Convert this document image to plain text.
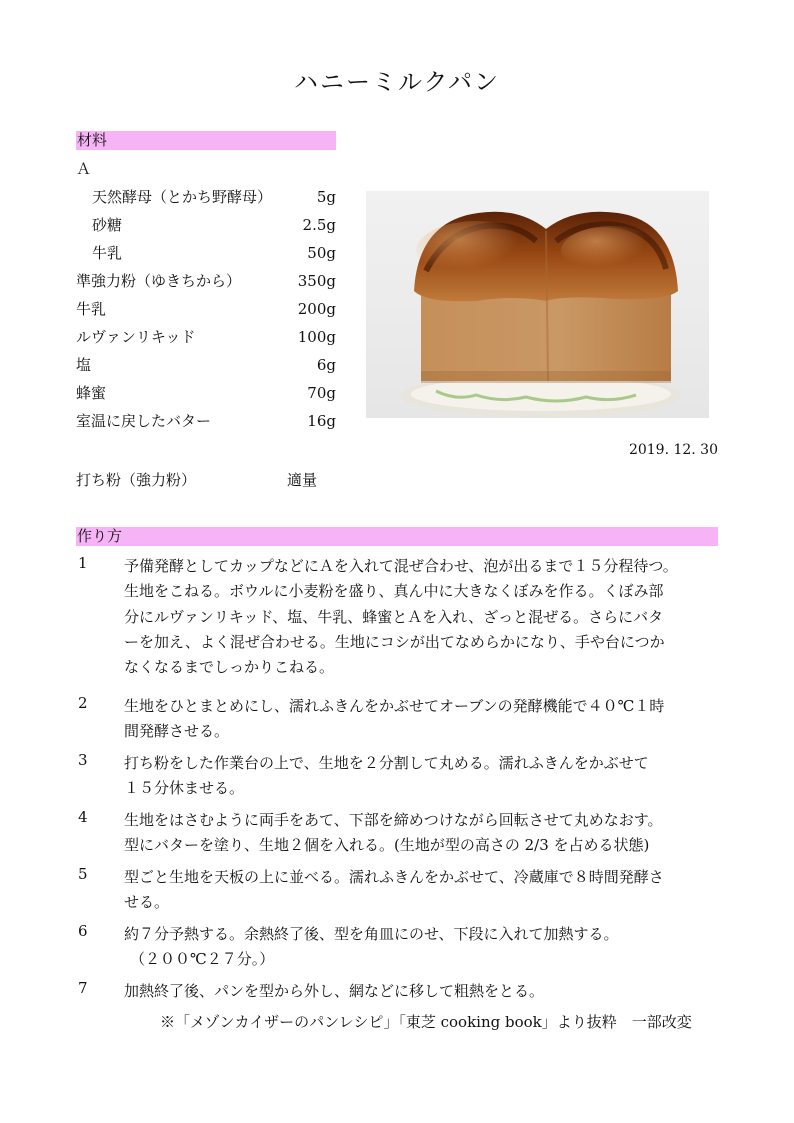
ハニーミルクパン
材料
Ａ
天然酵母（とかち野酵母）	5g
砂糖	2.5g
牛乳	50g
準強力粉（ゆきちから）	350g
牛乳	200g
ルヴァンリキッド	100g
塩	6g
蜂蜜	70g
室温に戻したバター	16g
2019. 12. 30
打ち粉（強力粉）	適量
作り方
1 予備発酵としてカップなどにＡを入れて混ぜ合わせ、泡が出るまで１５分程待つ。
生地をこねる。ボウルに小麦粉を盛り、真ん中に大きなくぼみを作る。くぼみ部
分にルヴァンリキッド、塩、牛乳、蜂蜜とＡを入れ、ざっと混ぜる。さらにバタ
ーを加え、よく混ぜ合わせる。生地にコシが出てなめらかになり、手や台につか
なくなるまでしっかりこねる。
2 生地をひとまとめにし、濡れふきんをかぶせてオーブンの発酵機能で４０℃１時
間発酵させる。
3 打ち粉をした作業台の上で、生地を２分割して丸める。濡れふきんをかぶせて
１５分休ませる。
4 生地をはさむように両手をあて、下部を締めつけながら回転させて丸めなおす。
型にバターを塗り、生地２個を入れる。(生地が型の高さの 2/3 を占める状態)
5 型ごと生地を天板の上に並べる。濡れふきんをかぶせて、冷蔵庫で８時間発酵さ
せる。
6 約７分予熱する。余熱終了後、型を角皿にのせ、下段に入れて加熱する。
（２００℃２７分。）
7 加熱終了後、パンを型から外し、網などに移して粗熱をとる。
※「メゾンカイザーのパンレシピ」「東芝 cooking book」より抜粋　一部改変
